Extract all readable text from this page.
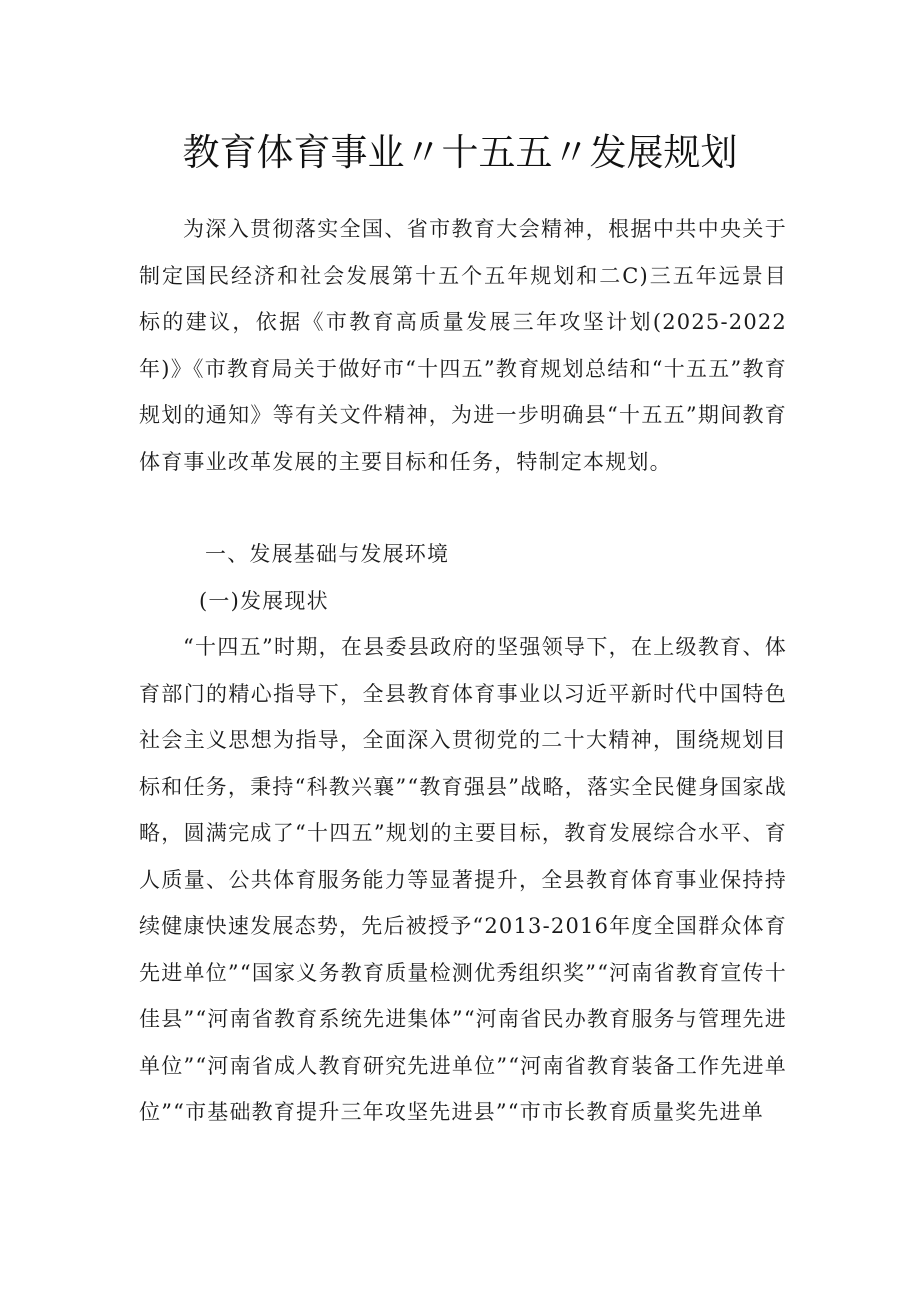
教育体育事业〃十五五〃发展规划

为深入贯彻落实全国、省市教育大会精神，根据中共中央关于制定国民经济和社会发展第十五个五年规划和二C)三五年远景目标的建议，依据《市教育高质量发展三年攻坚计划(2025-2022年)》《市教育局关于做好市“十四五”教育规划总结和“十五五”教育规划的通知》等有关文件精神，为进一步明确县“十五五”期间教育体育事业改革发展的主要目标和任务，特制定本规划。

一、发展基础与发展环境

(一)发展现状

“十四五”时期，在县委县政府的坚强领导下，在上级教育、体育部门的精心指导下，全县教育体育事业以习近平新时代中国特色社会主义思想为指导，全面深入贯彻党的二十大精神，围绕规划目标和任务，秉持“科教兴襄”“教育强县”战略，落实全民健身国家战略，圆满完成了“十四五”规划的主要目标，教育发展综合水平、育人质量、公共体育服务能力等显著提升，全县教育体育事业保持持续健康快速发展态势，先后被授予“2013-2016年度全国群众体育先进单位”“国家义务教育质量检测优秀组织奖”“河南省教育宣传十佳县”“河南省教育系统先进集体”“河南省民办教育服务与管理先进单位”“河南省成人教育研究先进单位”“河南省教育装备工作先进单位”“市基础教育提升三年攻坚先进县”“市市长教育质量奖先进单
